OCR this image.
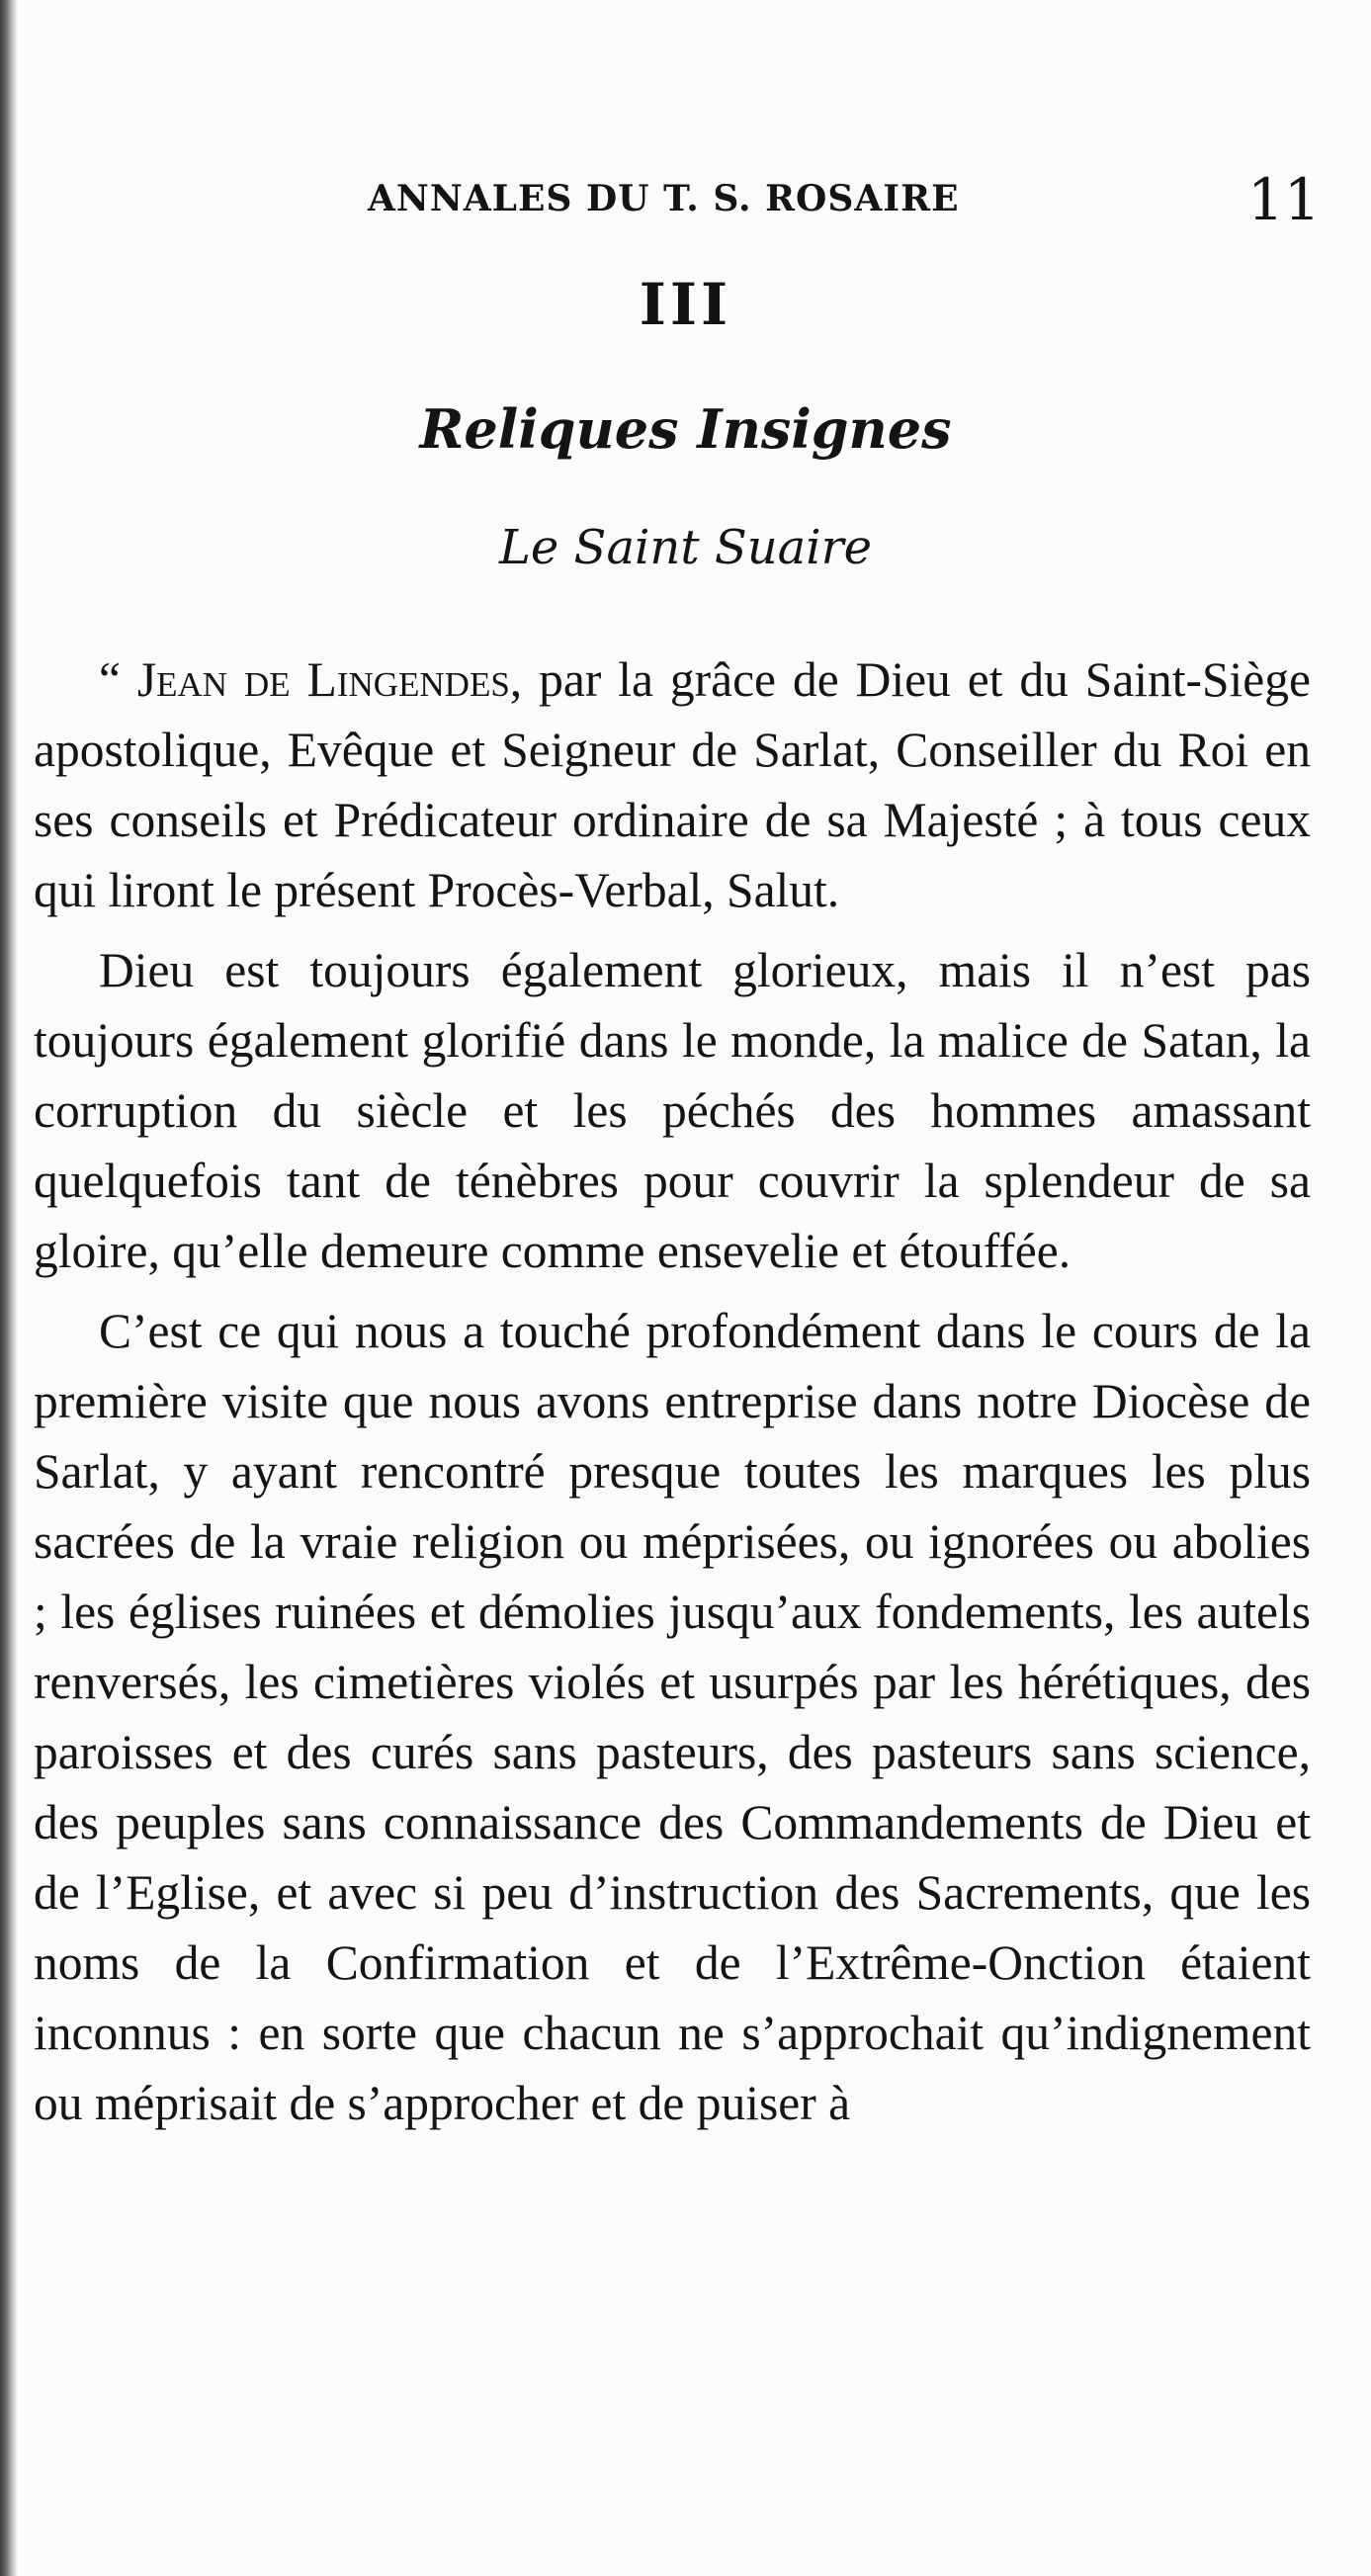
ANNALES DU T. S. ROSAIRE	11
III
Reliques Insignes
Le Saint Suaire

“ Jean de Lingendes, par la grâce de Dieu et du Saint-Siège apostolique, Evêque et Seigneur de Sarlat, Conseiller du Roi en ses conseils et Prédicateur ordinaire de sa Majesté ; à tous ceux qui liront le présent Procès-Verbal, Salut.

Dieu est toujours également glorieux, mais il n’est pas toujours également glorifié dans le monde, la malice de Satan, la corruption du siècle et les péchés des hommes amassant quelquefois tant de ténèbres pour couvrir la splendeur de sa gloire, qu’elle demeure comme ensevelie et étouffée.

C’est ce qui nous a touché profondément dans le cours de la première visite que nous avons entreprise dans notre Diocèse de Sarlat, y ayant rencontré presque toutes les marques les plus sacrées de la vraie religion ou méprisées, ou ignorées ou abolies ; les églises ruinées et démolies jusqu’aux fondements, les autels renversés, les cimetières violés et usurpés par les hérétiques, des paroisses et des curés sans pasteurs, des pasteurs sans science, des peuples sans connaissance des Commandements de Dieu et de l’Eglise, et avec si peu d’instruction des Sacrements, que les noms de la Confirmation et de l’Extrême-Onction étaient inconnus : en sorte que chacun ne s’approchait qu’indignement ou méprisait de s’approcher et de puiser à
